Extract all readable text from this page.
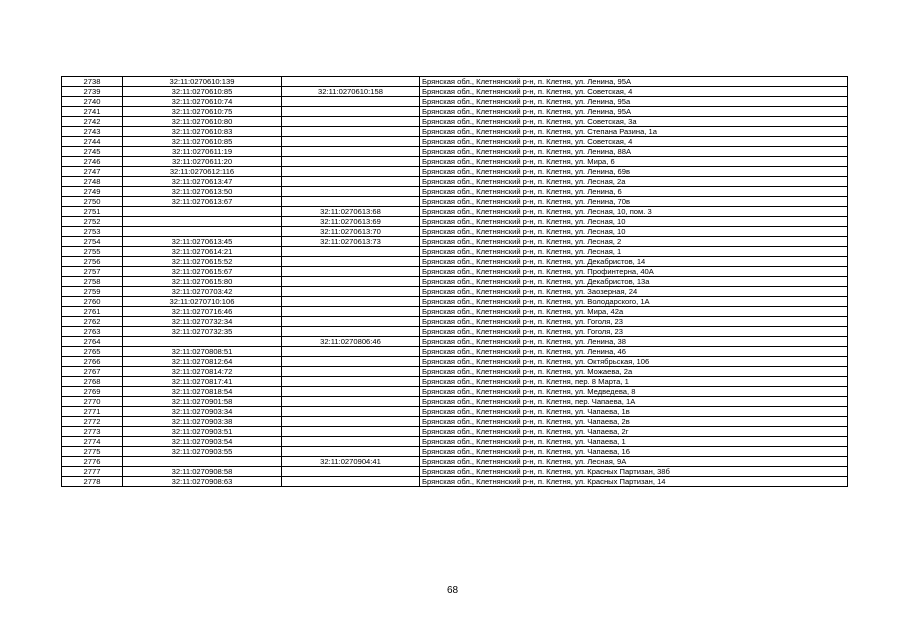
2738	32:11:0270610:139		Брянская обл., Клетнянский р-н, п. Клетня, ул. Ленина, 95А
2739	32:11:0270610:85	32:11:0270610:158	Брянская обл., Клетнянский р-н, п. Клетня, ул. Советская, 4
2740	32:11:0270610:74		Брянская обл., Клетнянский р-н, п. Клетня, ул. Ленина, 95а
2741	32:11:0270610:75		Брянская обл., Клетнянский р-н, п. Клетня, ул. Ленина, 95А
2742	32:11:0270610:80		Брянская обл., Клетнянский р-н, п. Клетня, ул. Советская, 3а
2743	32:11:0270610:83		Брянская обл., Клетнянский р-н, п. Клетня, ул. Степана Разина, 1а
2744	32:11:0270610:85		Брянская обл., Клетнянский р-н, п. Клетня, ул. Советская, 4
2745	32:11:0270611:19		Брянская обл., Клетнянский р-н, п. Клетня, ул. Ленина, 88А
2746	32:11:0270611:20		Брянская обл., Клетнянский р-н, п. Клетня, ул. Мира, 6
2747	32:11:0270612:116		Брянская обл., Клетнянский р-н, п. Клетня, ул. Ленина, 69в
2748	32:11:0270613:47		Брянская обл., Клетнянский р-н, п. Клетня, ул. Лесная, 2а
2749	32:11:0270613:50		Брянская обл., Клетнянский р-н, п. Клетня, ул. Ленина, 6
2750	32:11:0270613:67		Брянская обл., Клетнянский р-н, п. Клетня, ул. Ленина, 70в
2751		32:11:0270613:68	Брянская обл., Клетнянский р-н, п. Клетня, ул. Лесная, 10, пом. 3
2752		32:11:0270613:69	Брянская обл., Клетнянский р-н, п. Клетня, ул. Лесная, 10
2753		32:11:0270613:70	Брянская обл., Клетнянский р-н, п. Клетня, ул. Лесная, 10
2754	32:11:0270613:45	32:11:0270613:73	Брянская обл., Клетнянский р-н, п. Клетня, ул. Лесная, 2
2755	32:11:0270614:21		Брянская обл., Клетнянский р-н, п. Клетня, ул. Лесная, 1
2756	32:11:0270615:52		Брянская обл., Клетнянский р-н, п. Клетня, ул. Декабристов, 14
2757	32:11:0270615:67		Брянская обл., Клетнянский р-н, п. Клетня, ул. Профинтерна, 40А
2758	32:11:0270615:80		Брянская обл., Клетнянский р-н, п. Клетня, ул. Декабристов, 13а
2759	32:11:0270703:42		Брянская обл., Клетнянский р-н, п. Клетня, ул. Заозерная, 24
2760	32:11:0270710:106		Брянская обл., Клетнянский р-н, п. Клетня, ул. Володарского, 1А
2761	32:11:0270716:46		Брянская обл., Клетнянский р-н, п. Клетня, ул. Мира, 42а
2762	32:11:0270732:34		Брянская обл., Клетнянский р-н, п. Клетня, ул. Гоголя, 23
2763	32:11:0270732:35		Брянская обл., Клетнянский р-н, п. Клетня, ул. Гоголя, 23
2764		32:11:0270806:46	Брянская обл., Клетнянский р-н, п. Клетня, ул. Ленина, 38
2765	32:11:0270808:51		Брянская обл., Клетнянский р-н, п. Клетня, ул. Ленина, 46
2766	32:11:0270812:64		Брянская обл., Клетнянский р-н, п. Клетня, ул. Октябрьская, 106
2767	32:11:0270814:72		Брянская обл., Клетнянский р-н, п. Клетня, ул. Можаева, 2а
2768	32:11:0270817:41		Брянская обл., Клетнянский р-н, п. Клетня, пер. 8 Марта, 1
2769	32:11:0270818:54		Брянская обл., Клетнянский р-н, п. Клетня, ул. Медведева, 8
2770	32:11:0270901:58		Брянская обл., Клетнянский р-н, п. Клетня, пер. Чапаева, 1А
2771	32:11:0270903:34		Брянская обл., Клетнянский р-н, п. Клетня, ул. Чапаева, 1в
2772	32:11:0270903:38		Брянская обл., Клетнянский р-н, п. Клетня, ул. Чапаева, 2в
2773	32:11:0270903:51		Брянская обл., Клетнянский р-н, п. Клетня, ул. Чапаева, 2г
2774	32:11:0270903:54		Брянская обл., Клетнянский р-н, п. Клетня, ул. Чапаева, 1
2775	32:11:0270903:55		Брянская обл., Клетнянский р-н, п. Клетня, ул. Чапаева, 16
2776		32:11:0270904:41	Брянская обл., Клетнянский р-н, п. Клетня, ул. Лесная, 9А
2777	32:11:0270908:58		Брянская обл., Клетнянский р-н, п. Клетня, ул. Красных Партизан, 38б
2778	32:11:0270908:63		Брянская обл., Клетнянский р-н, п. Клетня, ул. Красных Партизан, 14
68
